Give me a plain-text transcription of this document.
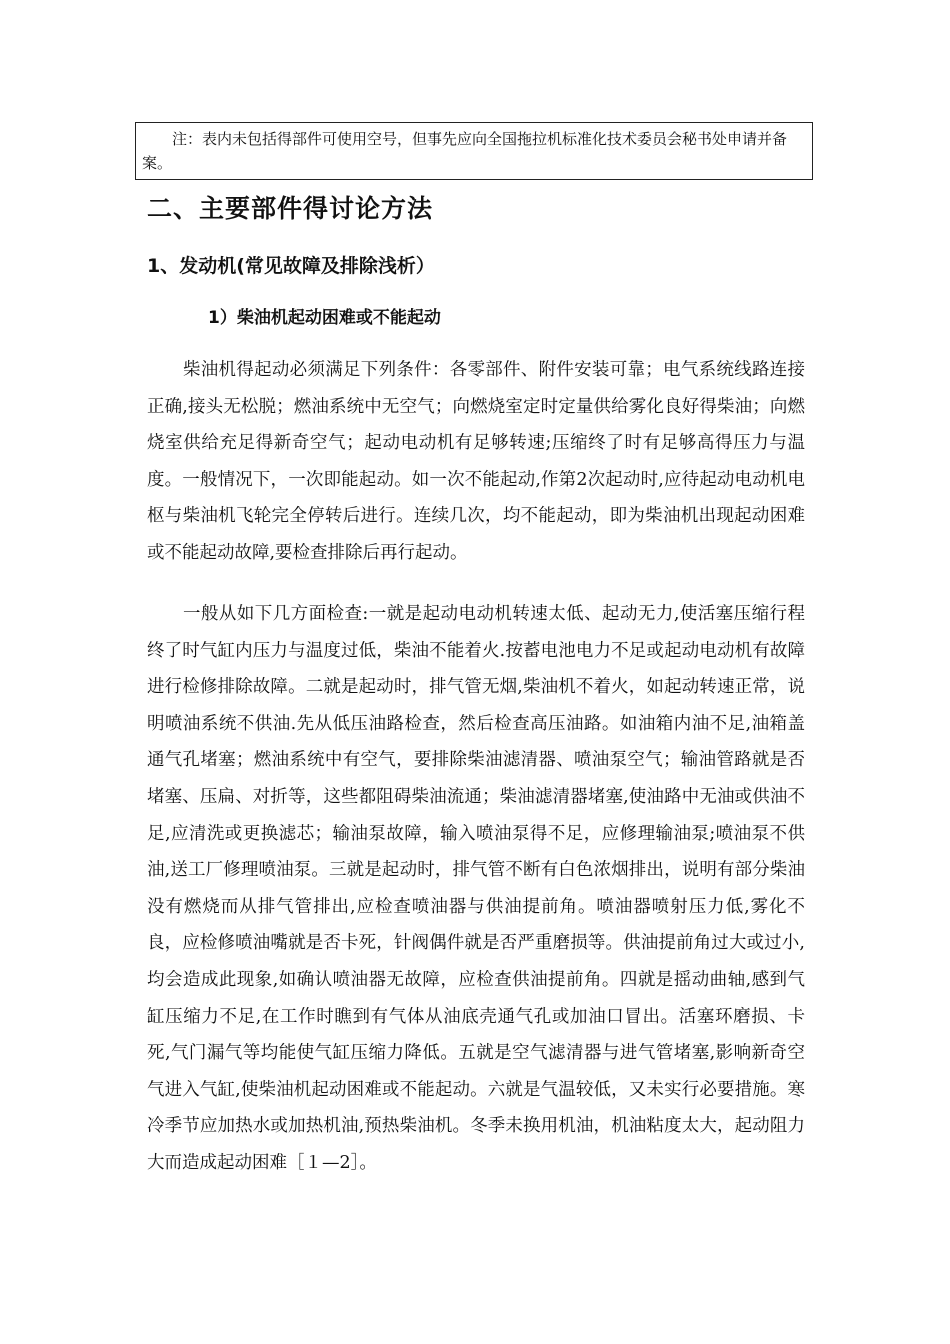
注：表内未包括得部件可使用空号，但事先应向全国拖拉机标准化技术委员会秘书处申请并备案。
二、主要部件得讨论方法
1、发动机(常见故障及排除浅析）
1）柴油机起动困难或不能起动

柴油机得起动必须满足下列条件：各零部件、附件安装可靠；电气系统线路连接正确,接头无松脱；燃油系统中无空气；向燃烧室定时定量供给雾化良好得柴油；向燃烧室供给充足得新奇空气；起动电动机有足够转速;压缩终了时有足够高得压力与温度。一般情况下，一次即能起动。如一次不能起动,作第2次起动时,应待起动电动机电枢与柴油机飞轮完全停转后进行。连续几次，均不能起动，即为柴油机出现起动困难或不能起动故障,要检查排除后再行起动。

一般从如下几方面检查:一就是起动电动机转速太低、起动无力,使活塞压缩行程终了时气缸内压力与温度过低，柴油不能着火.按蓄电池电力不足或起动电动机有故障进行检修排除故障。二就是起动时，排气管无烟,柴油机不着火，如起动转速正常，说明喷油系统不供油.先从低压油路检查，然后检查高压油路。如油箱内油不足,油箱盖通气孔堵塞；燃油系统中有空气，要排除柴油滤清器、喷油泵空气；输油管路就是否堵塞、压扁、对折等，这些都阻碍柴油流通；柴油滤清器堵塞,使油路中无油或供油不足,应清洗或更换滤芯；输油泵故障，输入喷油泵得不足，应修理输油泵;喷油泵不供油,送工厂修理喷油泵。三就是起动时，排气管不断有白色浓烟排出，说明有部分柴油没有燃烧而从排气管排出,应检查喷油器与供油提前角。喷油器喷射压力低,雾化不良，应检修喷油嘴就是否卡死，针阀偶件就是否严重磨损等。供油提前角过大或过小,均会造成此现象,如确认喷油器无故障，应检查供油提前角。四就是摇动曲轴,感到气缸压缩力不足,在工作时瞧到有气体从油底壳通气孔或加油口冒出。活塞环磨损、卡死,气门漏气等均能使气缸压缩力降低。五就是空气滤清器与进气管堵塞,影响新奇空气进入气缸,使柴油机起动困难或不能起动。六就是气温较低，又未实行必要措施。寒冷季节应加热水或加热机油,预热柴油机。冬季未换用机油，机油粘度太大，起动阻力大而造成起动困难［１—2］。
